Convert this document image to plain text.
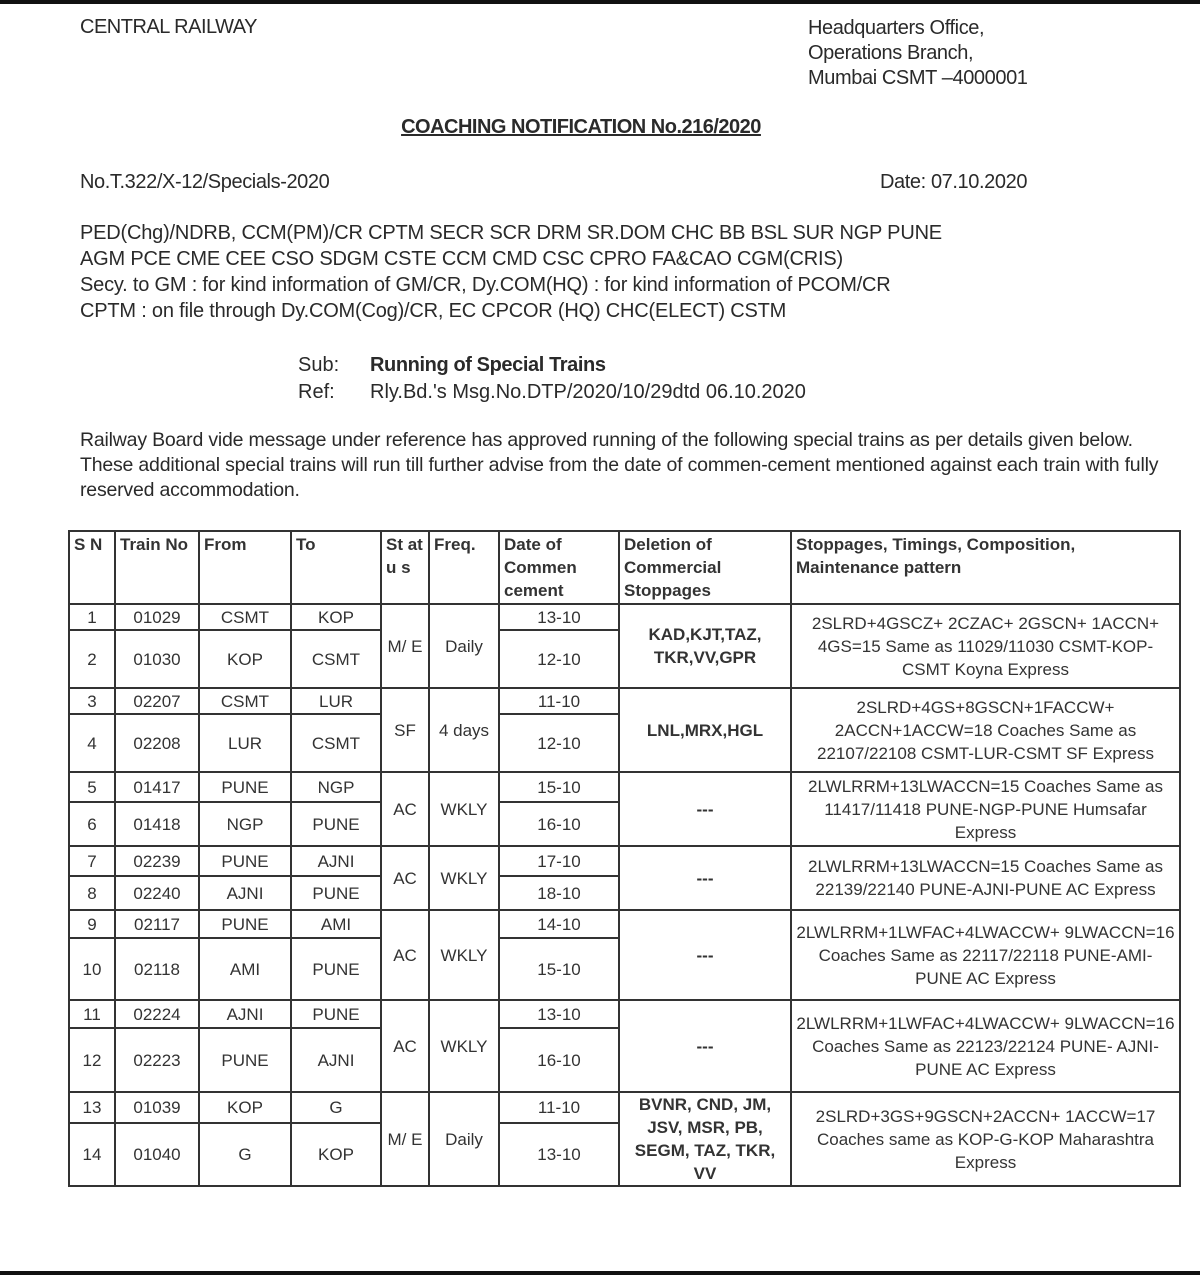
CENTRAL RAILWAY	Headquarters Office,
Operations Branch,
Mumbai CSMT –4000001
COACHING NOTIFICATION No.216/2020
No.T.322/X-12/Specials-2020	Date: 07.10.2020
PED(Chg)/NDRB, CCM(PM)/CR CPTM SECR SCR DRM SR.DOM CHC BB BSL SUR NGP PUNE
AGM PCE CME CEE CSO SDGM CSTE CCM CMD CSC CPRO FA&CAO CGM(CRIS)
Secy. to GM : for kind information of GM/CR, Dy.COM(HQ) : for kind information of PCOM/CR
CPTM : on file through Dy.COM(Cog)/CR, EC CPCOR (HQ) CHC(ELECT) CSTM
Sub: Running of Special Trains
Ref: Rly.Bd.'s Msg.No.DTP/2020/10/29dtd 06.10.2020
Railway Board vide message under reference has approved running of the following special trains as per details given below. These additional special trains will run till further advise from the date of commen-cement mentioned against each train with fully reserved accommodation.
S N	Train No	From	To	St atu s	Freq.	Date of Commen cement	Deletion of Commercial Stoppages	Stoppages, Timings, Composition, Maintenance pattern
1	01029	CSMT	KOP	M/ E	Daily	13-10	KAD,KJT,TAZ, TKR,VV,GPR	2SLRD+4GSCZ+ 2CZAC+ 2GSCN+ 1ACCN+ 4GS=15 Same as 11029/11030 CSMT-KOP-CSMT Koyna Express
2	01030	KOP	CSMT			12-10		
3	02207	CSMT	LUR	SF	4 days	11-10	LNL,MRX,HGL	2SLRD+4GS+8GSCN+1FACCW+ 2ACCN+1ACCW=18 Coaches Same as 22107/22108 CSMT-LUR-CSMT SF Express
4	02208	LUR	CSMT			12-10		
5	01417	PUNE	NGP	AC	WKLY	15-10	---	2LWLRRM+13LWACCN=15 Coaches Same as 11417/11418 PUNE-NGP-PUNE Humsafar Express
6	01418	NGP	PUNE			16-10		
7	02239	PUNE	AJNI	AC	WKLY	17-10	---	2LWLRRM+13LWACCN=15 Coaches Same as 22139/22140 PUNE-AJNI-PUNE AC Express
8	02240	AJNI	PUNE			18-10		
9	02117	PUNE	AMI	AC	WKLY	14-10	---	2LWLRRM+1LWFAC+4LWACCW+ 9LWACCN=16 Coaches Same as 22117/22118 PUNE-AMI-PUNE AC Express
10	02118	AMI	PUNE			15-10		
11	02224	AJNI	PUNE	AC	WKLY	13-10	---	2LWLRRM+1LWFAC+4LWACCW+ 9LWACCN=16 Coaches Same as 22123/22124 PUNE- AJNI-PUNE AC Express
12	02223	PUNE	AJNI			16-10		
13	01039	KOP	G	M/ E	Daily	11-10	BVNR, CND, JM, JSV, MSR, PB, SEGM, TAZ, TKR, VV	2SLRD+3GS+9GSCN+2ACCN+ 1ACCW=17 Coaches same as KOP-G-KOP Maharashtra Express
14	01040	G	KOP			13-10		
